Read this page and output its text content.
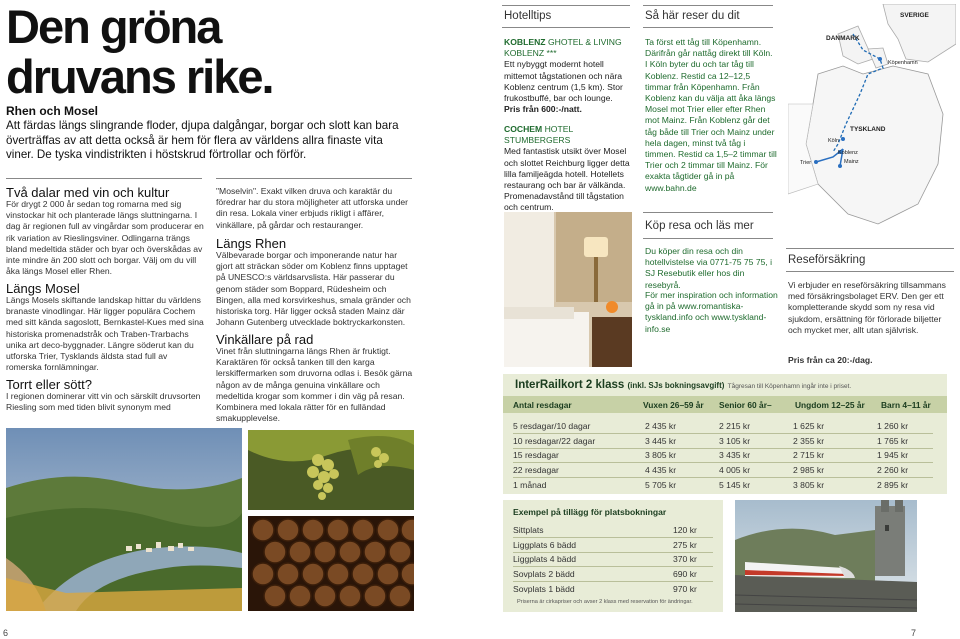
Den gröna druvans rike.
Rhen och Mosel
Att färdas längs slingrande floder, djupa dalgångar, borgar och slott kan bara överträffas av att detta också är hem för flera av världens allra finaste vita viner. De tyska vindistrikten i höstskrud förtrollar och förför.
Två dalar med vin och kultur
För drygt 2 000 år sedan tog romarna med sig vinstockar hit och planterade längs sluttningarna. I dag är regionen full av vingårdar som producerar en rik variation av Rieslingsviner. Odlingarna trängs bland medeltida städer och byar och överskådas av inte mindre än 200 slott och borgar. Välj om du vill åka längs Mosel eller Rhen.
Längs Mosel
Längs Mosels skiftande landskap hittar du världens branaste vinodlingar. Här ligger populära Cochem med sitt kända sagoslott, Bernkastel-Kues med sina historiska promenadstråk och Traben-Trarbachs unika art deco-byggnader. Längre söderut kan du utforska Trier, Tysklands äldsta stad full av romerska fornlämningar.
Torrt eller sött?
I regionen dominerar vitt vin och särskilt druvsorten Riesling som med tiden blivit synonym med
"Moselvin". Exakt vilken druva och karaktär du föredrar har du stora möjligheter att utforska under din resa. Lokala viner erbjuds rikligt i affärer, vinkällare, på gårdar och restauranger.
Längs Rhen
Välbevarade borgar och imponerande natur har gjort att sträckan söder om Koblenz finns upptaget på UNESCO:s världsarvslista. Här passerar du genom städer som Boppard, Rüdesheim och Bingen, alla med korsvirkeshus, smala gränder och historiska torg. Här ligger också staden Mainz där Johann Gutenberg utvecklade boktryckarkonsten.
Vinkällare på rad
Vinet från sluttningarna längs Rhen är fruktigt. Karaktären för också tanken till den karga lerskiffermarken som druvorna odlas i. Besök gärna någon av de många genuina vinkällare och medeltida krogar som kommer i din väg på resan. Kombinera med lokala rätter för en fulländad smakupplevelse.
6
Hotelltips
KOBLENZ GHOTEL & LIVING KOBLENZ ***
Ett nybyggt modernt hotell mittemot tågstationen och nära Koblenz centrum (1,5 km). Stor frukostbuffé, bar och lounge.
Pris från 600:-/natt.
COCHEM HOTEL STUMBERGERS
Med fantastisk utsikt över Mosel och slottet Reichburg ligger detta lilla familjeägda hotell. Hotellets restaurang och bar är välkända. Promenadavstånd till tågstation och centrum.

Så här reser du dit
Ta först ett tåg till Köpenhamn. Därifrån går nattåg direkt till Köln. I Köln byter du och tar tåg till Koblenz. Restid ca 12–12,5 timmar från Köpenhamn. Från Koblenz kan du välja att åka längs Mosel mot Trier eller efter Rhen mot Mainz. Från Koblenz går det tåg både till Trier och Mainz under hela dagen, minst två tåg i timmen. Restid ca 1,5–2 timmar till Trier och 2 timmar till Mainz. För exakta tågtider gå in på www.bahn.de
Köp resa och läs mer
Du köper din resa och din hotellvistelse via 0771-75 75 75, i SJ Resebutik eller hos din resebyrå.
För mer inspiration och information gå in på www.romantiska-tyskland.info och www.tyskland-info.se
SVERIGE
DANMARK
Köpenhamn
TYSKLAND
Köln
Koblenz
Mainz
Trier
Reseförsäkring
Vi erbjuder en reseförsäkring tillsammans med försäkringsbolaget ERV. Den ger ett kompletterande skydd som ny resa vid sjukdom, ersättning för förlorade biljetter och mycket mer, allt utan självrisk.
Pris från ca 20:-/dag.
InterRailkort 2 klass (inkl. SJs bokningsavgift) Tågresan till Köpenhamn ingår inte i priset.
Antal resdagar	Vuxen 26–59 år	Senior 60 år–	Ungdom 12–25 år	Barn 4–11 år
5 resdagar/10 dagar	2 435 kr	2 215 kr	1 625 kr	1 260 kr
10 resdagar/22 dagar	3 445 kr	3 105 kr	2 355 kr	1 765 kr
15 resdagar	3 805 kr	3 435 kr	2 715 kr	1 945 kr
22 resdagar	4 435 kr	4 005 kr	2 985 kr	2 260 kr
1 månad	5 705 kr	5 145 kr	3 805 kr	2 895 kr
Exempel på tillägg för platsbokningar
Sittplats	120 kr
Liggplats 6 bädd	275 kr
Liggplats 4 bädd	370 kr
Sovplats 2 bädd	690 kr
Sovplats 1 bädd	970 kr
Priserna är cirkapriser och avser 2 klass med reservation för ändringar.
7
